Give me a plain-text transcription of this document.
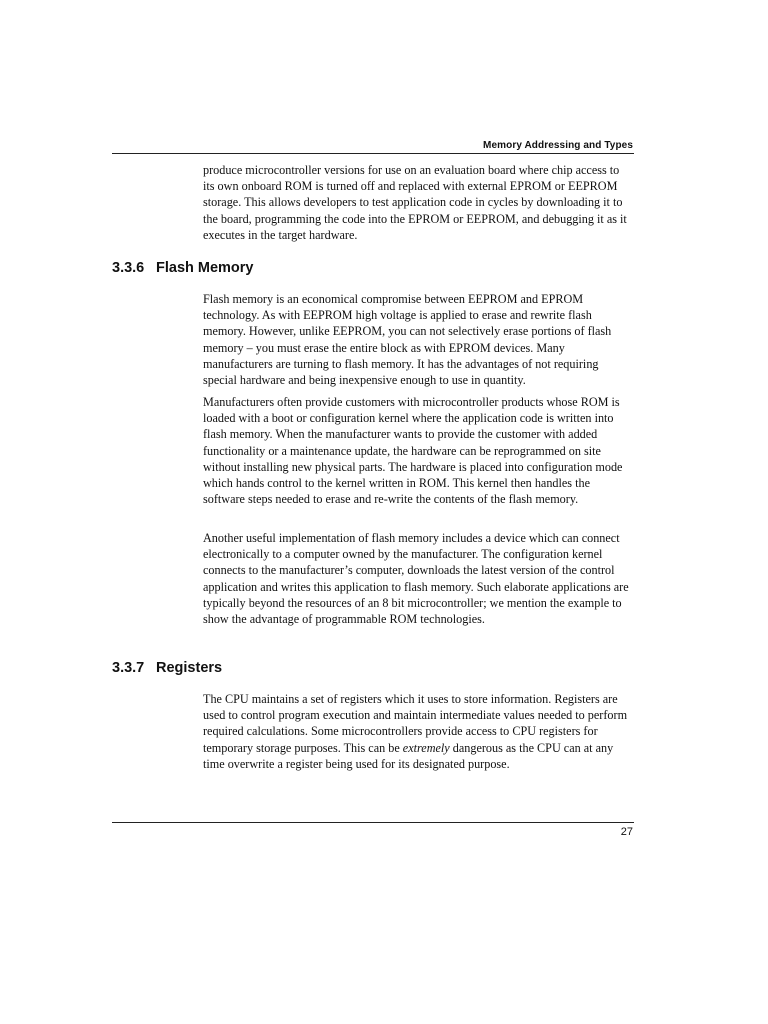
Memory Addressing and Types

produce microcontroller versions for use on an evaluation board where chip access to its own onboard ROM is turned off and replaced with external EPROM or EEPROM storage. This allows developers to test application code in cycles by downloading it to the board, programming the code into the EPROM or EEPROM, and debugging it as it executes in the target hardware.

3.3.6 Flash Memory

Flash memory is an economical compromise between EEPROM and EPROM technology. As with EEPROM high voltage is applied to erase and rewrite flash memory. However, unlike EEPROM, you can not selectively erase portions of flash memory – you must erase the entire block as with EPROM devices. Many manufacturers are turning to flash memory. It has the advantages of not requiring special hardware and being inexpensive enough to use in quantity.

Manufacturers often provide customers with microcontroller products whose ROM is loaded with a boot or configuration kernel where the application code is written into flash memory. When the manufacturer wants to provide the customer with added functionality or a maintenance update, the hardware can be reprogrammed on site without installing new physical parts. The hardware is placed into configuration mode which hands control to the kernel written in ROM. This kernel then handles the software steps needed to erase and re-write the contents of the flash memory.

Another useful implementation of flash memory includes a device which can connect electronically to a computer owned by the manufacturer. The configuration kernel connects to the manufacturer’s computer, downloads the latest version of the control application and writes this application to flash memory. Such elaborate applications are typically beyond the resources of an 8 bit microcontroller; we mention the example to show the advantage of programmable ROM technologies.

3.3.7 Registers

The CPU maintains a set of registers which it uses to store information. Registers are used to control program execution and maintain intermediate values needed to perform required calculations. Some microcontrollers provide access to CPU registers for temporary storage purposes. This can be extremely dangerous as the CPU can at any time overwrite a register being used for its designated purpose.

27
